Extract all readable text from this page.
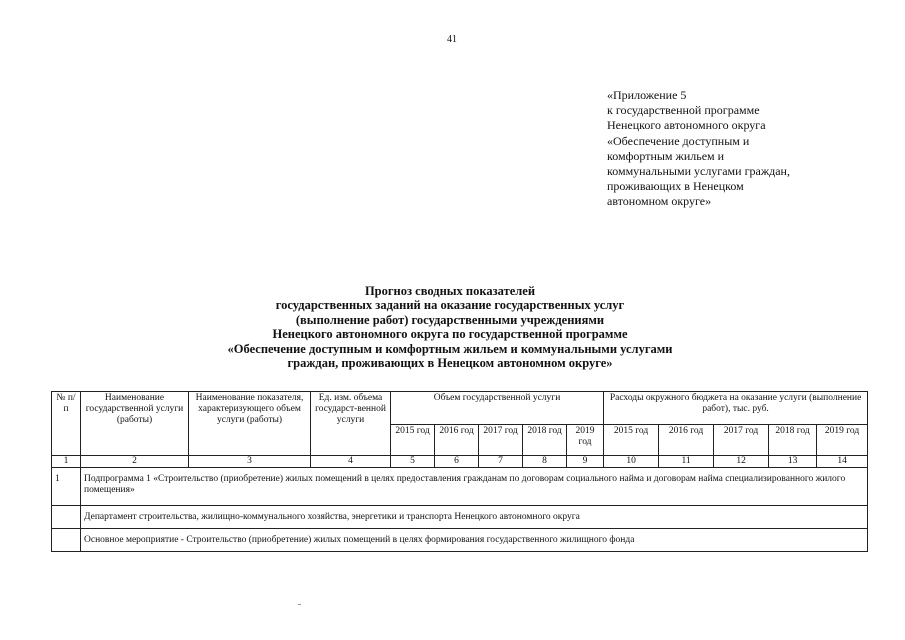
41
«Приложение 5
к государственной программе
Ненецкого автономного округа
«Обеспечение доступным и
комфортным жильем и
коммунальными услугами граждан,
проживающих в Ненецком
автономном округе»
Прогноз сводных показателей
государственных заданий на оказание государственных услуг
(выполнение работ) государственными учреждениями
Ненецкого автономного округа по государственной программе
«Обеспечение доступным и комфортным жильем и коммунальными услугами
граждан, проживающих в Ненецком автономном округе»
№ п/п	Наименование государственной услуги (работы)	Наименование показателя, характеризующего объем услуги (работы)	Ед. изм. объема государст-венной услуги	Объем государственной услуги					Расходы окружного бюджета на оказание услуги (выполнение работ), тыс. руб.				
				2015 год	2016 год	2017 год	2018 год	2019 год	2015 год	2016 год	2017 год	2018 год	2019 год
1	2	3	4	5	6	7	8	9	10	11	12	13	14
1	Подпрограмма 1 «Строительство (приобретение) жилых помещений в целях предоставления гражданам по договорам социального найма и договорам найма специализированного жилого помещения»												
	Департамент строительства, жилищно-коммунального хозяйства, энергетики и транспорта Ненецкого автономного округа												
	Основное мероприятие - Строительство (приобретение) жилых помещений в целях формирования государственного жилищного фонда												
